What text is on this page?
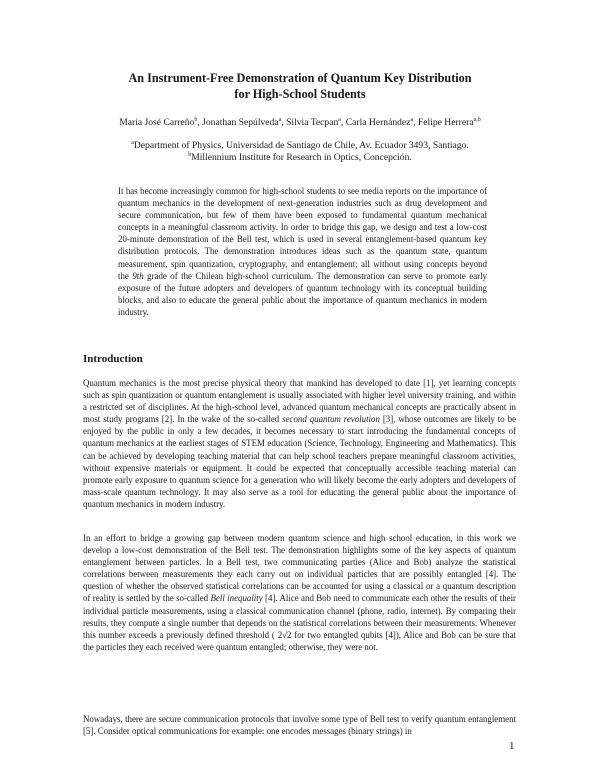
An Instrument-Free Demonstration of Quantum Key Distribution
for High-School Students
María José Carreño$^b$, Jonathan Sepúlveda$^a$, Silvia Tecpan$^a$, Carla Hernández$^a$, Felipe Herrera$^{a,b}$
$^a$Department of Physics, Universidad de Santiago de Chile, Av. Ecuador 3493, Santiago.
$^b$Millennium Institute for Research in Optics, Concepción.
It has become increasingly common for high-school students to see media reports on the importance of quantum mechanics in the development of next-generation industries such as drug development and secure communication, but few of them have been exposed to fundamental quantum mechanical concepts in a meaningful classroom activity. In order to bridge this gap, we design and test a low-cost 20-minute demonstration of the Bell test, which is used in several entanglement-based quantum key distribution protocols. The demonstration introduces ideas such as the quantum state, quantum measurement, spin quantization, cryptography, and entanglement; all without using concepts beyond the 9th grade of the Chilean high-school curriculum. The demonstration can serve to promote early exposure of the future adopters and developers of quantum technology with its conceptual building blocks, and also to educate the general public about the importance of quantum mechanics in modern industry.
Introduction
Quantum mechanics is the most precise physical theory that mankind has developed to date [1], yet learning concepts such as spin quantization or quantum entanglement is usually associated with higher level university training, and within a restricted set of disciplines. At the high-school level, advanced quantum mechanical concepts are practically absent in most study programs [2]. In the wake of the so-called second quantum revolution [3], whose outcomes are likely to be enjoyed by the public in only a few decades, it becomes necessary to start introducing the fundamental concepts of quantum mechanics at the earliest stages of STEM education (Science, Technology, Engineering and Mathematics). This can be achieved by developing teaching material that can help school teachers prepare meaningful classroom activities, without expensive materials or equipment. It could be expected that conceptually accessible teaching material can promote early exposure to quantum science for a generation who will likely become the early adopters and developers of mass-scale quantum technology. It may also serve as a tool for educating the general public about the importance of quantum mechanics in modern industry.
In an effort to bridge a growing gap between modern quantum science and high school education, in this work we develop a low-cost demonstration of the Bell test. The demonstration highlights some of the key aspects of quantum entanglement between particles. In a Bell test, two communicating parties (Alice and Bob) analyze the statistical correlations between measurements they each carry out on individual particles that are possibly entangled [4]. The question of whether the observed statistical correlations can be accounted for using a classical or a quantum description of reality is settled by the so-called Bell inequality [4]. Alice and Bob need to communicate each other the results of their individual particle measurements, using a classical communication channel (phone, radio, internet). By comparing their results, they compute a single number that depends on the statistical correlations between their measurements. Whenever this number exceeds a previously defined threshold ( 2√2 for two entangled qubits [4]), Alice and Bob can be sure that the particles they each received were quantum entangled; otherwise, they were not.
Nowadays, there are secure communication protocols that involve some type of Bell test to verify quantum entanglement [5]. Consider optical communications for example: one encodes messages (binary strings) in
1
